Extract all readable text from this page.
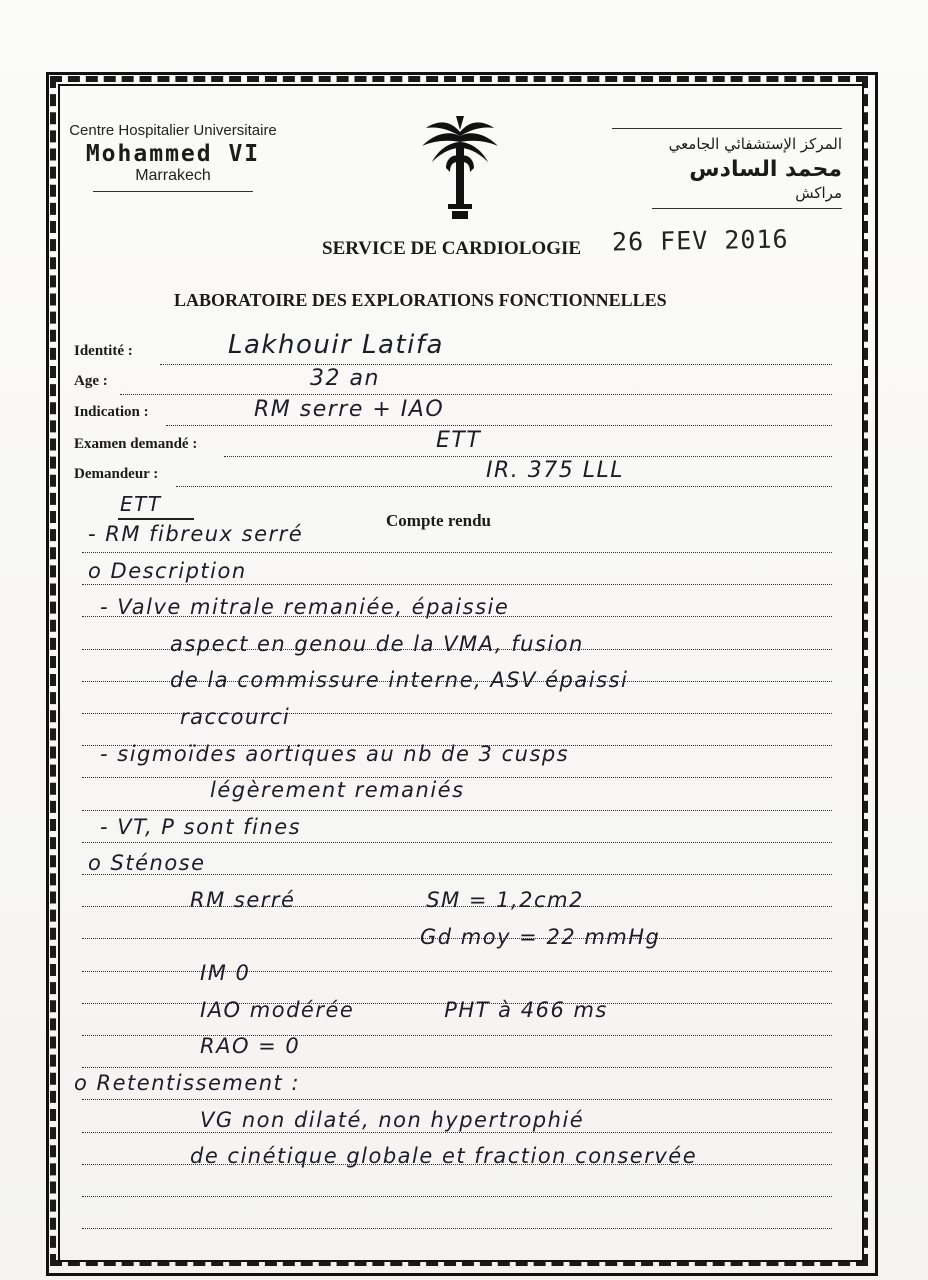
Centre Hospitalier Universitaire
Mohammed VI
Marrakech
المركز الإستشفائي الجامعي
محمد السادس
مراكش
SERVICE DE CARDIOLOGIE 26 FEV 2016
LABORATOIRE DES EXPLORATIONS FONCTIONNELLES
Identité :	Lakhouir Latifa
Age :	32 an
Indication :	RM serre + IAO
Examen demandé :	ETT
Demandeur :	IR. 375 LLL
ETT
Compte rendu
- RM fibreux serré
o Description
- Valve mitrale remaniée, épaissie
aspect en genou de la VMA, fusion
de la commissure interne, ASV épaissi
raccourci
- sigmoïdes aortiques au nb de 3 cusps
légèrement remaniés
- VT, P sont fines
o Sténose
RM serré                SM = 1,2cm2
Gd moy = 22 mmHg
IM 0
IAO modérée           PHT à 466 ms
RAO = 0
o Retentissement :
VG non dilaté, non hypertrophié
de cinétique globale et fraction conservée
